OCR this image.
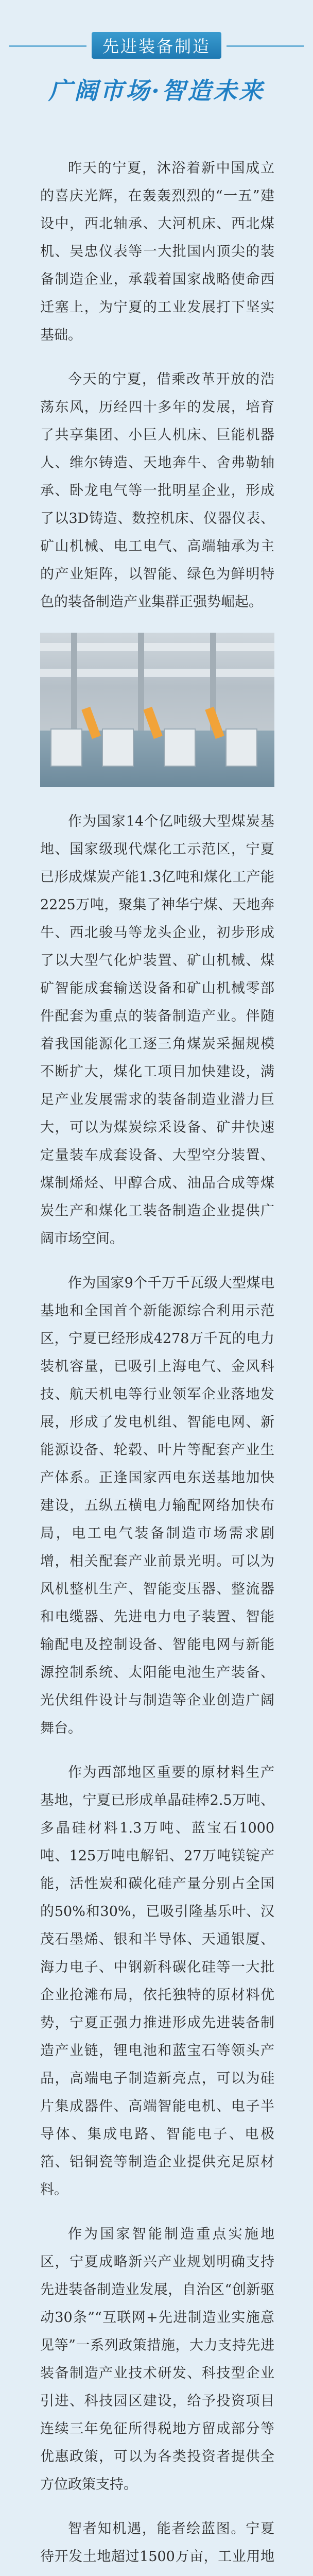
先进装备制造
广阔市场·智造未来

昨天的宁夏，沐浴着新中国成立的喜庆光辉，在轰轰烈烈的“一五”建设中，西北轴承、大河机床、西北煤机、吴忠仪表等一大批国内顶尖的装备制造企业，承载着国家战略使命西迁塞上，为宁夏的工业发展打下坚实基础。

今天的宁夏，借乘改革开放的浩荡东风，历经四十多年的发展，培育了共享集团、小巨人机床、巨能机器人、维尔铸造、天地奔牛、舍弗勒轴承、卧龙电气等一批明星企业，形成了以3D铸造、数控机床、仪器仪表、矿山机械、电工电气、高端轴承为主的产业矩阵，以智能、绿色为鲜明特色的装备制造产业集群正强势崛起。

作为国家14个亿吨级大型煤炭基地、国家级现代煤化工示范区，宁夏已形成煤炭产能1.3亿吨和煤化工产能2225万吨，聚集了神华宁煤、天地奔牛、西北骏马等龙头企业，初步形成了以大型气化炉装置、矿山机械、煤矿智能成套输送设备和矿山机械零部件配套为重点的装备制造产业。伴随着我国能源化工逐三角煤炭采掘规模不断扩大，煤化工项目加快建设，满足产业发展需求的装备制造业潜力巨大，可以为煤炭综采设备、矿井快速定量装车成套设备、大型空分装置、煤制烯烃、甲醇合成、油品合成等煤炭生产和煤化工装备制造企业提供广阔市场空间。

作为国家9个千万千瓦级大型煤电基地和全国首个新能源综合利用示范区，宁夏已经形成4278万千瓦的电力装机容量，已吸引上海电气、金风科技、航天机电等行业领军企业落地发展，形成了发电机组、智能电网、新能源设备、轮毂、叶片等配套产业生产体系。正逢国家西电东送基地加快建设，五纵五横电力输配网络加快布局，电工电气装备制造市场需求剧增，相关配套产业前景光明。可以为风机整机生产、智能变压器、整流器和电缆器、先进电力电子装置、智能输配电及控制设备、智能电网与新能源控制系统、太阳能电池生产装备、光伏组件设计与制造等企业创造广阔舞台。

作为西部地区重要的原材料生产基地，宁夏已形成单晶硅棒2.5万吨、多晶硅材料1.3万吨、蓝宝石1000吨、125万吨电解铝、27万吨镁锭产能，活性炭和碳化硅产量分别占全国的50%和30%，已吸引隆基乐叶、汉茂石墨烯、银和半导体、天通银厦、海力电子、中钢新科碳化硅等一大批企业抢滩布局，依托独特的原材料优势，宁夏正强力推进形成先进装备制造产业链，锂电池和蓝宝石等领头产品，高端电子制造新亮点，可以为硅片集成器件、高端智能电机、电子半导体、集成电路、智能电子、电极箔、铝铜瓷等制造企业提供充足原材料。

作为国家智能制造重点实施地区，宁夏成略新兴产业规划明确支持先进装备制造业发展，自治区“创新驱动30条”“互联网+先进制造业实施意见等”一系列政策措施，大力支持先进装备制造产业技术研发、科技型企业引进、科技园区建设，给予投资项目连续三年免征所得税地方留成部分等优惠政策，可以为各类投资者提供全方位政策支持。

智者知机遇，能者绘蓝图。宁夏待开发土地超过1500万亩，工业用地
